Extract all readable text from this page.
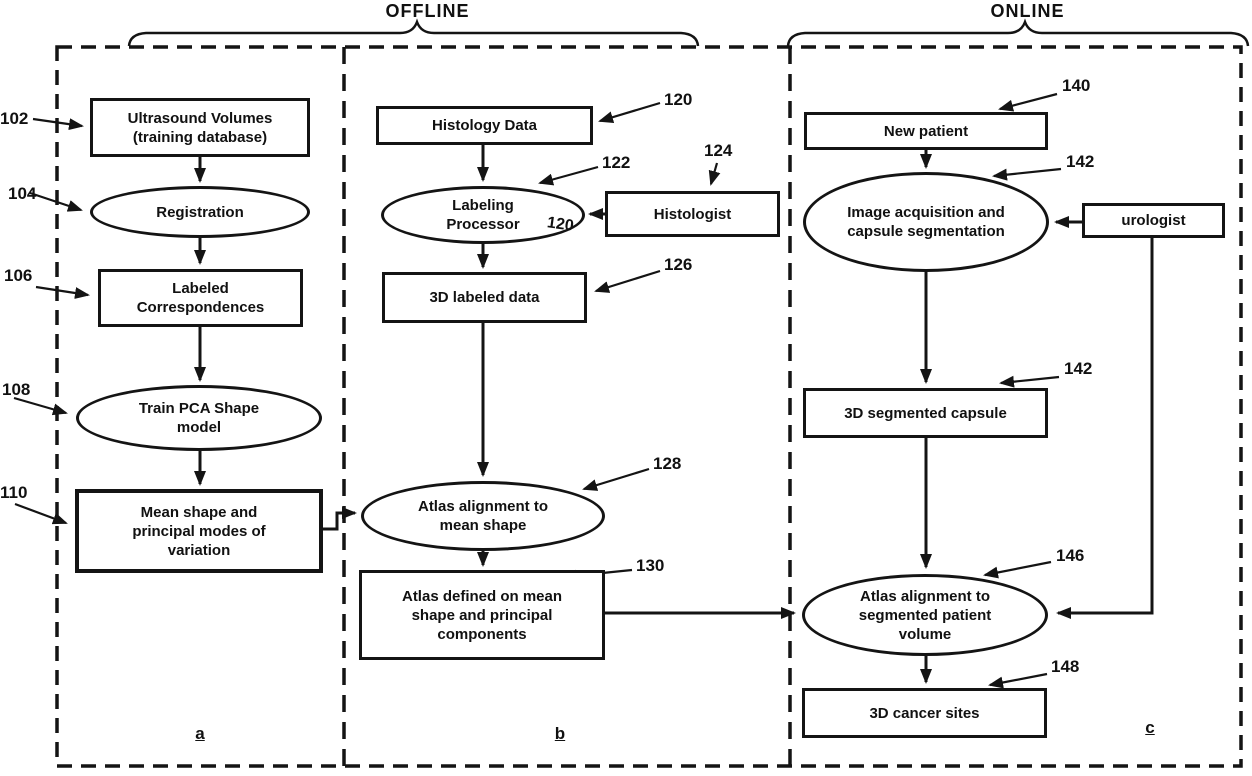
OFFLINE	ONLINE
Ultrasound Volumes
(training database)
Registration
Labeled
Correspondences
Train PCA Shape
model
Mean shape and
principal modes of
variation
Histology Data
Labeling
Processor 120
Histologist
3D labeled data
Atlas alignment to
mean shape
Atlas defined on mean
shape and principal
components
New patient
Image acquisition and
capsule segmentation
urologist
3D segmented capsule
Atlas alignment to
segmented patient
volume
3D cancer sites
102
104
106
108
110
120
122
124
126
128
130
140
142
142
146
148
a	b	c
